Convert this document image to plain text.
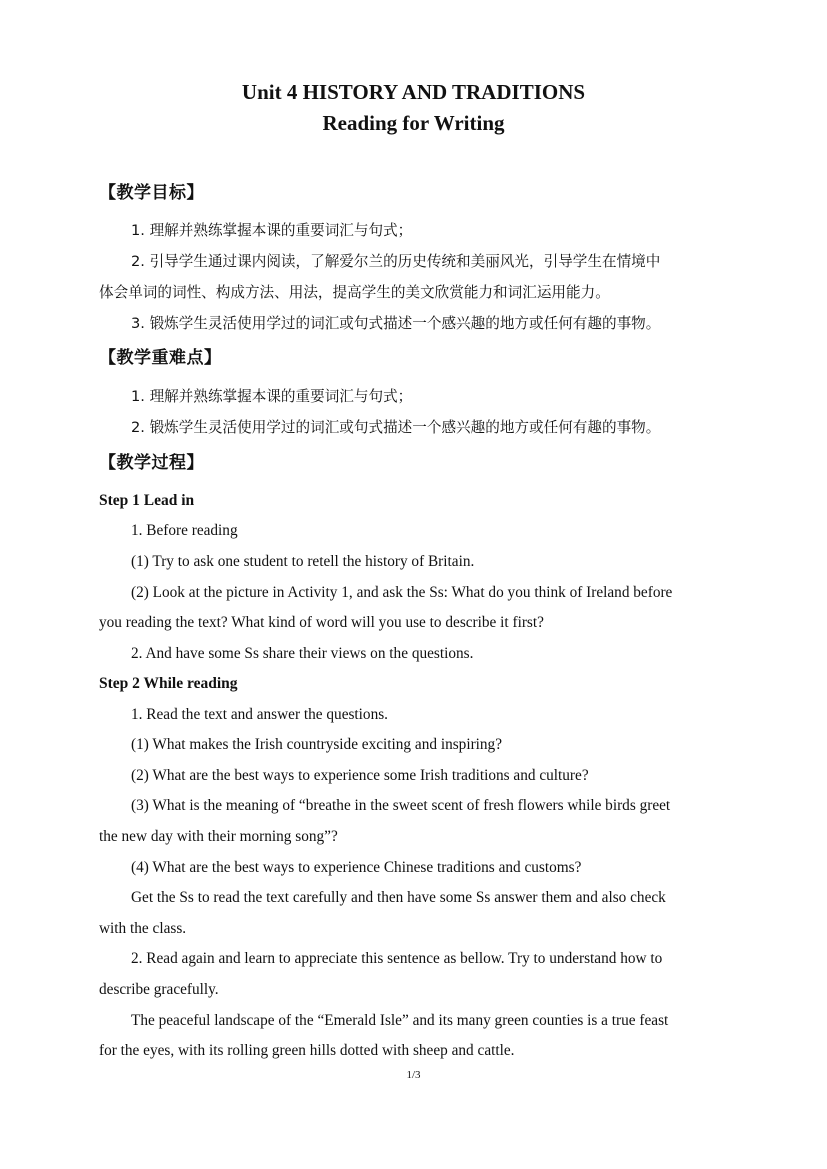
Unit 4 HISTORY AND TRADITIONS
Reading for Writing
【教学目标】
1. 理解并熟练掌握本课的重要词汇与句式；
2. 引导学生通过课内阅读，了解爱尔兰的历史传统和美丽风光，引导学生在情境中
体会单词的词性、构成方法、用法，提高学生的美文欣赏能力和词汇运用能力。
3. 锻炼学生灵活使用学过的词汇或句式描述一个感兴趣的地方或任何有趣的事物。
【教学重难点】
1. 理解并熟练掌握本课的重要词汇与句式；
2. 锻炼学生灵活使用学过的词汇或句式描述一个感兴趣的地方或任何有趣的事物。
【教学过程】
Step 1 Lead in
1. Before reading
(1) Try to ask one student to retell the history of Britain.
(2) Look at the picture in Activity 1, and ask the Ss: What do you think of Ireland before
you reading the text? What kind of word will you use to describe it first?
2. And have some Ss share their views on the questions.
Step 2 While reading
1. Read the text and answer the questions.
(1) What makes the Irish countryside exciting and inspiring?
(2) What are the best ways to experience some Irish traditions and culture?
(3) What is the meaning of “breathe in the sweet scent of fresh flowers while birds greet
the new day with their morning song”?
(4) What are the best ways to experience Chinese traditions and customs?
Get the Ss to read the text carefully and then have some Ss answer them and also check
with the class.
2. Read again and learn to appreciate this sentence as bellow. Try to understand how to
describe gracefully.
The peaceful landscape of the “Emerald Isle” and its many green counties is a true feast
for the eyes, with its rolling green hills dotted with sheep and cattle.
1/3
